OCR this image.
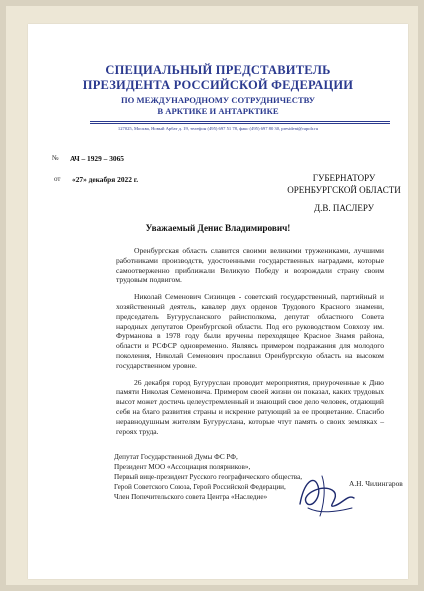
СПЕЦИАЛЬНЫЙ ПРЕДСТАВИТЕЛЬ
ПРЕЗИДЕНТА РОССИЙСКОЙ ФЕДЕРАЦИИ
ПО МЕЖДУНАРОДНОМУ СОТРУДНИЧЕСТВУ
В АРКТИКЕ И АНТАРКТИКЕ
127025, Москва, Новый Арбат д. 19, телефон (495) 697 51 78, факс (495) 697 80 30, president@rapolr.ru
№ АЧ – 1929 – 3065
от «27» декабря 2022 г.	ГУБЕРНАТОРУ
ОРЕНБУРГСКОЙ ОБЛАСТИ
Д.В. ПАСЛЕРУ
Уважаемый Денис Владимирович!

Оренбургская область славится своими великими тружениками, лучшими работниками производств, удостоенными государственных наградами, которые самоотверженно приближали Великую Победу и возрождали страну своим трудовым подвигом.

Николай Семенович Сизинцев - советский государственный, партийный и хозяйственный деятель, кавалер двух орденов Трудового Красного знамени, председатель Бугурусланского райисполкома, депутат областного Совета народных депутатов Оренбургской области. Под его руководством Совхозу им. Фурманова в 1978 году были вручены переходящее Красное Знамя района, области и РСФСР одновременно. Являясь примером подражания для молодого поколения, Николай Семенович прославил Оренбургскую область на высоком государственном уровне.

26 декабря город Бугуруслан проводит мероприятия, приуроченные к Дню памяти Николая Семеновича. Примером своей жизни он показал, каких трудовых высот может достичь целеустремленный и знающий свое дело человек, отдающий себя на благо развития страны и искренне ратующий за ее процветание. Спасибо неравнодушным жителям Бугуруслана, которые чтут память о своих земляках – героях труда.

Депутат Государственной Думы ФС РФ,
Президент МОО «Ассоциация полярников»,
Первый вице-президент Русского географического общества,
Герой Советского Союза, Герой Российской Федерации,
Член Попечительского совета Центра «Наследие»
А.Н. Чилингаров
